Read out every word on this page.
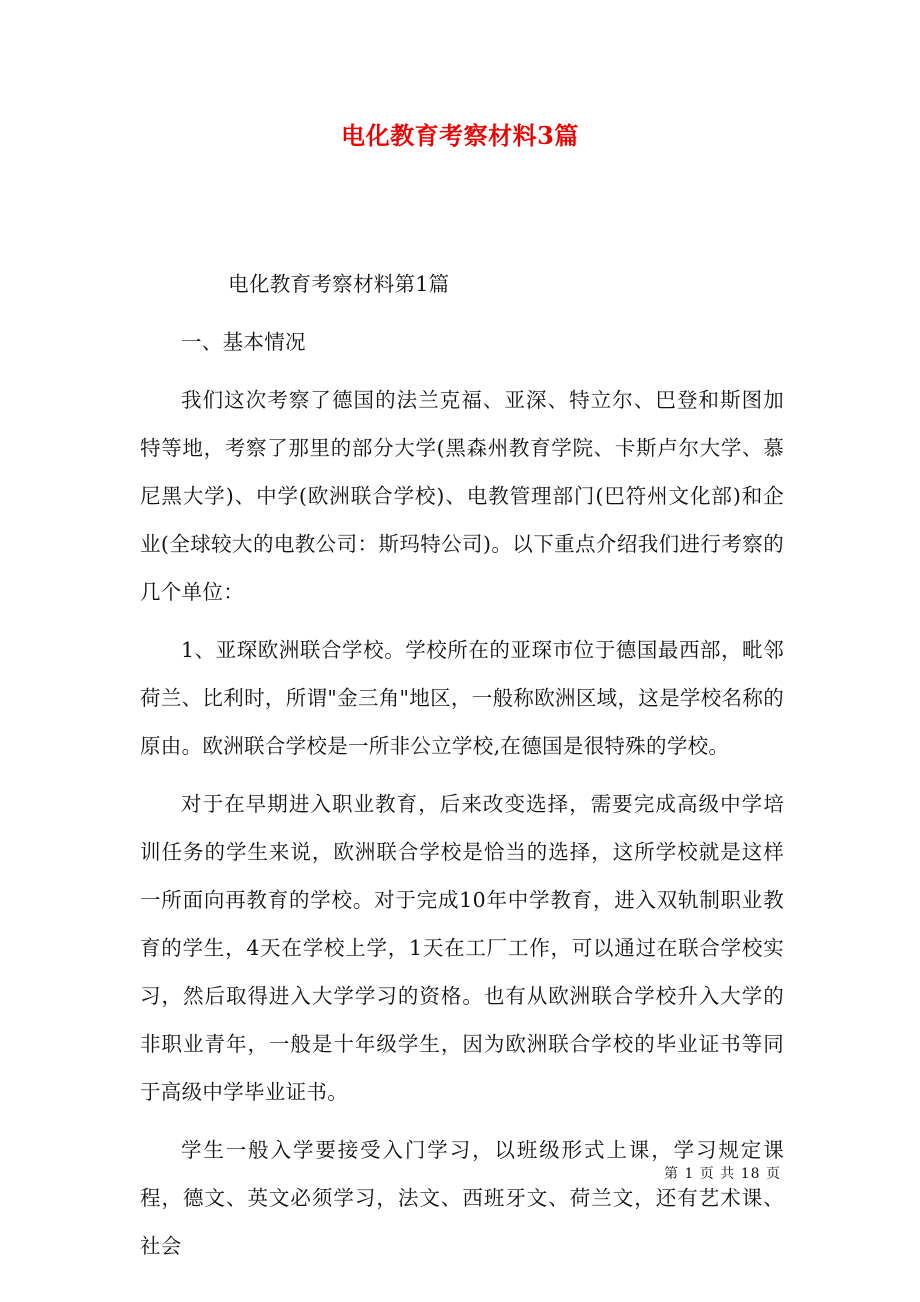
电化教育考察材料3篇

电化教育考察材料第1篇

一、基本情况

我们这次考察了德国的法兰克福、亚深、特立尔、巴登和斯图加特等地，考察了那里的部分大学(黑森州教育学院、卡斯卢尔大学、慕尼黑大学)、中学(欧洲联合学校)、电教管理部门(巴符州文化部)和企业(全球较大的电教公司：斯玛特公司)。以下重点介绍我们进行考察的几个单位：

1、亚琛欧洲联合学校。学校所在的亚琛市位于德国最西部，毗邻荷兰、比利时，所谓"金三角"地区，一般称欧洲区域，这是学校名称的原由。欧洲联合学校是一所非公立学校,在德国是很特殊的学校。

对于在早期进入职业教育，后来改变选择，需要完成高级中学培训任务的学生来说，欧洲联合学校是恰当的选择，这所学校就是这样一所面向再教育的学校。对于完成10年中学教育，进入双轨制职业教育的学生，4天在学校上学，1天在工厂工作，可以通过在联合学校实习，然后取得进入大学学习的资格。也有从欧洲联合学校升入大学的非职业青年，一般是十年级学生，因为欧洲联合学校的毕业证书等同于高级中学毕业证书。

学生一般入学要接受入门学习，以班级形式上课，学习规定课程，德文、英文必须学习，法文、西班牙文、荷兰文，还有艺术课、社会

第 1 页 共 18 页
